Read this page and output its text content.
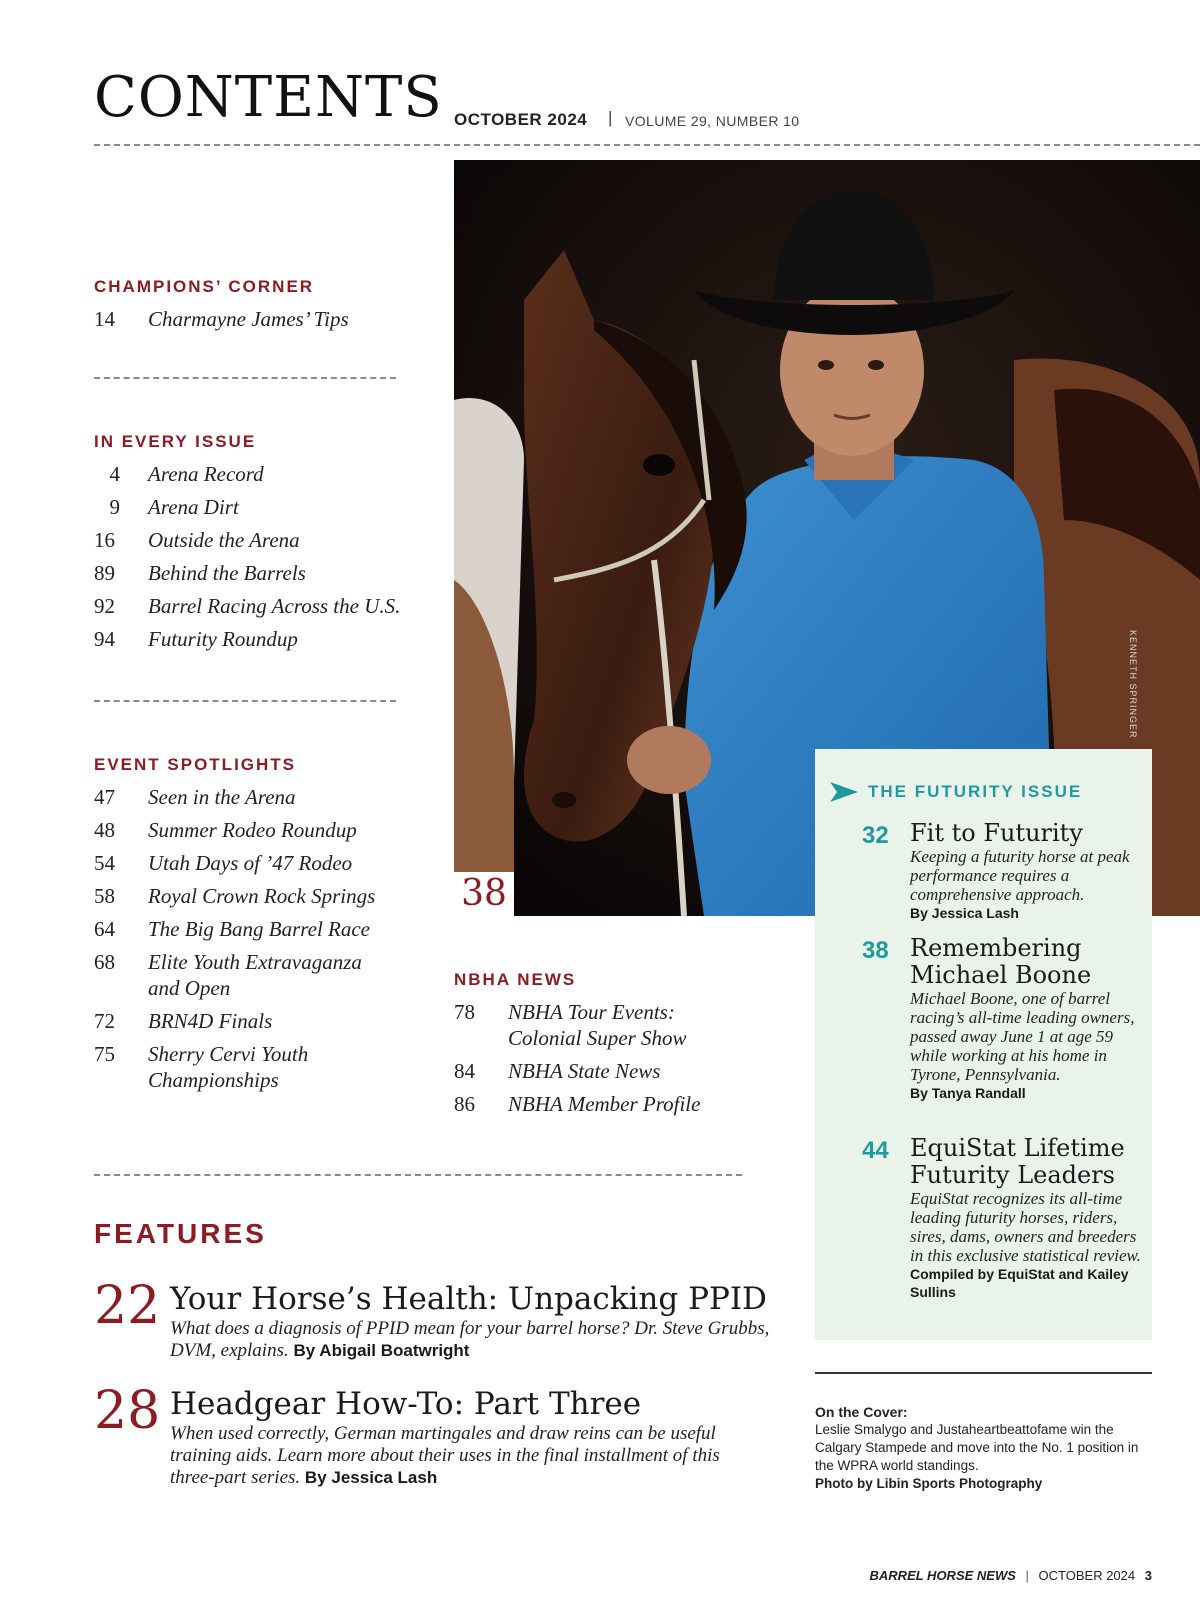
CONTENTS OCTOBER 2024 | VOLUME 29, NUMBER 10
CHAMPIONS’ CORNER
14	Charmayne James’ Tips
IN EVERY ISSUE
4	Arena Record
9	Arena Dirt
16	Outside the Arena
89	Behind the Barrels
92	Barrel Racing Across the U.S.
94	Futurity Roundup
EVENT SPOTLIGHTS
47	Seen in the Arena
48	Summer Rodeo Roundup
54	Utah Days of ’47 Rodeo
58	Royal Crown Rock Springs
64	The Big Bang Barrel Race
68	Elite Youth Extravaganza and Open
72	BRN4D Finals
75	Sherry Cervi Youth Championships
KENNETH SPRINGER
38
THE FUTURITY ISSUE
32 Fit to Futurity
Keeping a futurity horse at peak performance requires a comprehensive approach.
By Jessica Lash
38 Remembering Michael Boone
Michael Boone, one of barrel racing’s all-time leading owners, passed away June 1 at age 59 while working at his home in Tyrone, Pennsylvania.
By Tanya Randall
44 EquiStat Lifetime Futurity Leaders
EquiStat recognizes its all-time leading futurity horses, riders, sires, dams, owners and breeders in this exclusive statistical review.
Compiled by EquiStat and Kailey Sullins
NBHA NEWS
78	NBHA Tour Events: Colonial Super Show
84	NBHA State News
86	NBHA Member Profile
FEATURES
22 Your Horse’s Health: Unpacking PPID
What does a diagnosis of PPID mean for your barrel horse? Dr. Steve Grubbs, DVM, explains. By Abigail Boatwright
28 Headgear How-To: Part Three
When used correctly, German martingales and draw reins can be useful training aids. Learn more about their uses in the final installment of this three-part series. By Jessica Lash
On the Cover:
Leslie Smalygo and Justaheartbeattofame win the Calgary Stampede and move into the No. 1 position in the WPRA world standings.
Photo by Libin Sports Photography
BARREL HORSE NEWS | OCTOBER 2024 3
